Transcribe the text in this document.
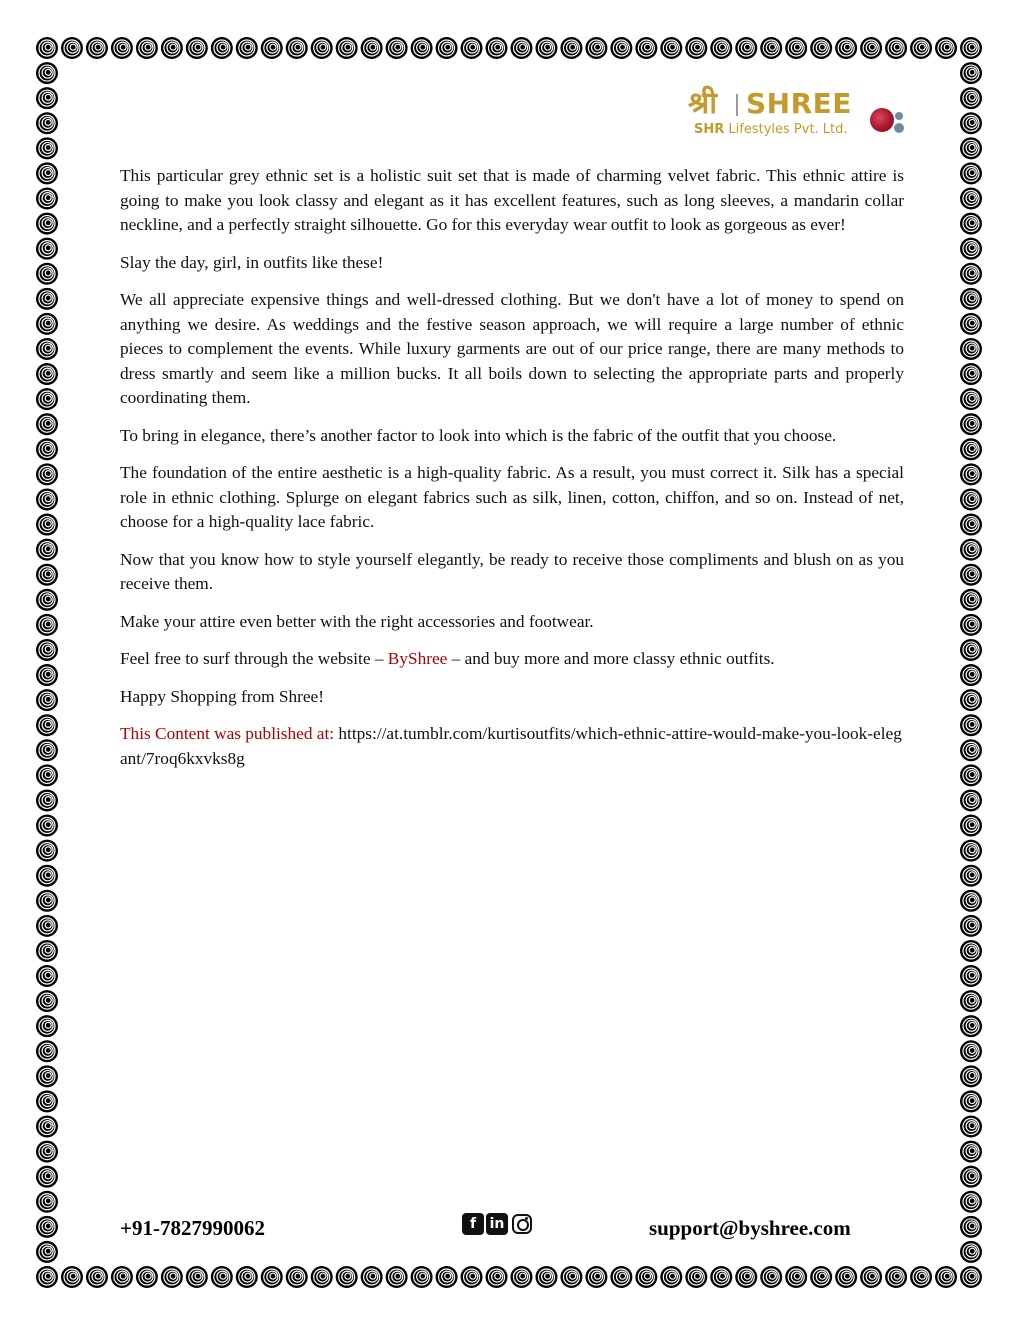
श्री SHREE
SHR Lifestyles Pvt. Ltd.

This particular grey ethnic set is a holistic suit set that is made of charming velvet fabric. This ethnic attire is going to make you look classy and elegant as it has excellent features, such as long sleeves, a mandarin collar neckline, and a perfectly straight silhouette. Go for this everyday wear outfit to look as gorgeous as ever!

Slay the day, girl, in outfits like these!

We all appreciate expensive things and well-dressed clothing. But we don't have a lot of money to spend on anything we desire. As weddings and the festive season approach, we will require a large number of ethnic pieces to complement the events. While luxury garments are out of our price range, there are many methods to dress smartly and seem like a million bucks. It all boils down to selecting the appropriate parts and properly coordinating them.

To bring in elegance, there’s another factor to look into which is the fabric of the outfit that you choose.

The foundation of the entire aesthetic is a high-quality fabric. As a result, you must correct it. Silk has a special role in ethnic clothing. Splurge on elegant fabrics such as silk, linen, cotton, chiffon, and so on. Instead of net, choose for a high-quality lace fabric.

Now that you know how to style yourself elegantly, be ready to receive those compliments and blush on as you receive them.

Make your attire even better with the right accessories and footwear.

Feel free to surf through the website – ByShree – and buy more and more classy ethnic outfits.

Happy Shopping from Shree!

This Content was published at: https://at.tumblr.com/kurtisoutfits/which-ethnic-attire-would-make-you-look-elegant/7roq6kxvks8g

+91-7827990062	f in	support@byshree.com
